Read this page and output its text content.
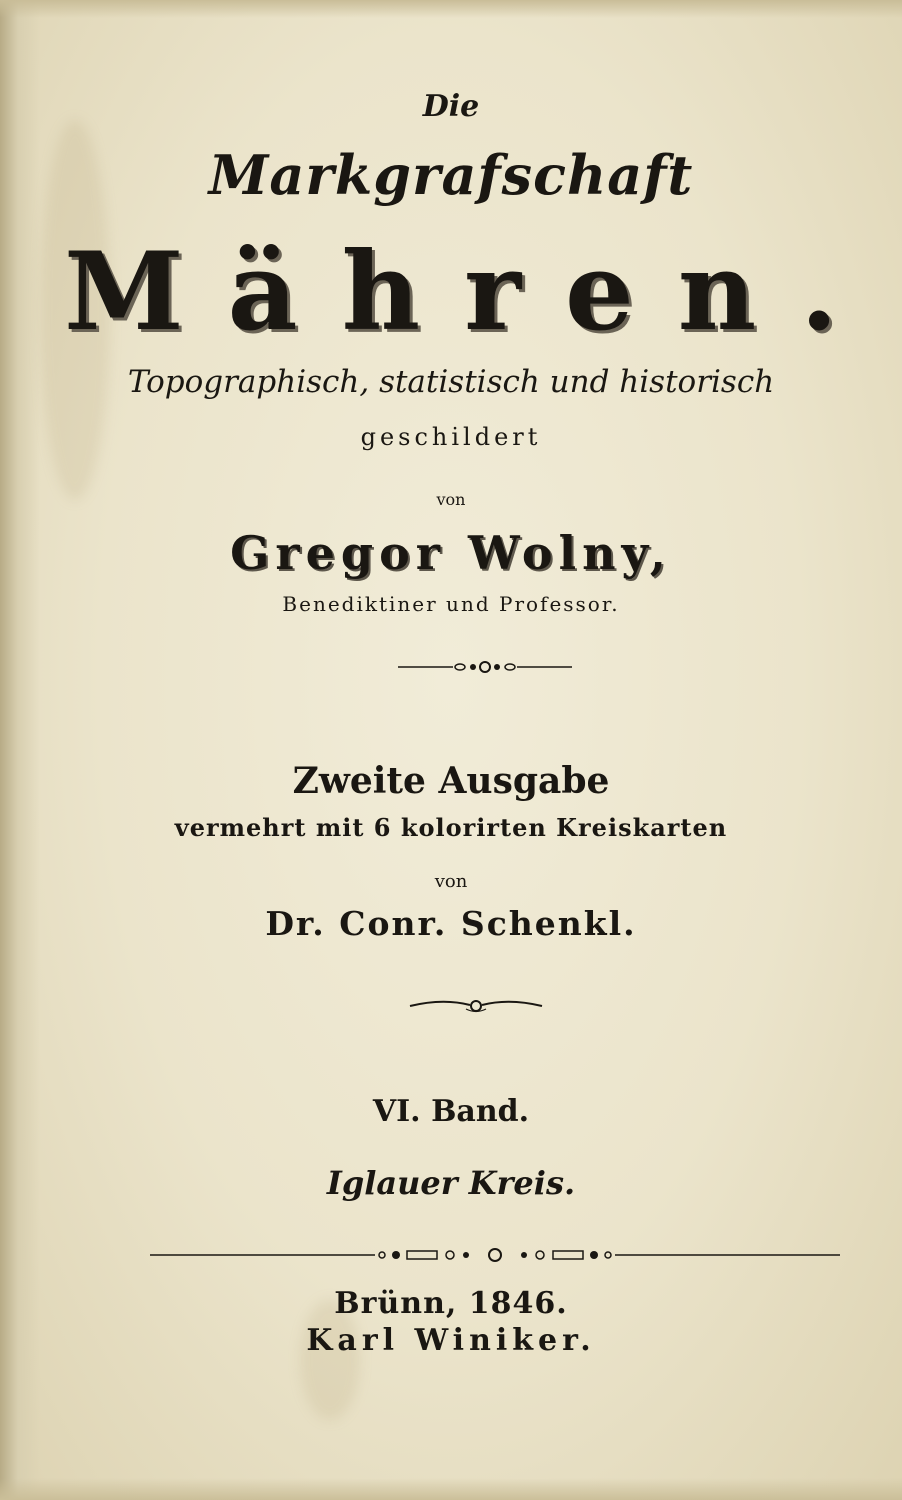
Die
Markgrafschaft
Mähren.
Topographisch, statistisch und historisch
geschildert
von
Gregor Wolny,
Benediktiner und Professor.
Zweite Ausgabe
vermehrt mit 6 kolorirten Kreiskarten
von
Dr. Conr. Schenkl.
VI. Band.
Iglauer Kreis.
Brünn, 1846.
Karl Winiker.
